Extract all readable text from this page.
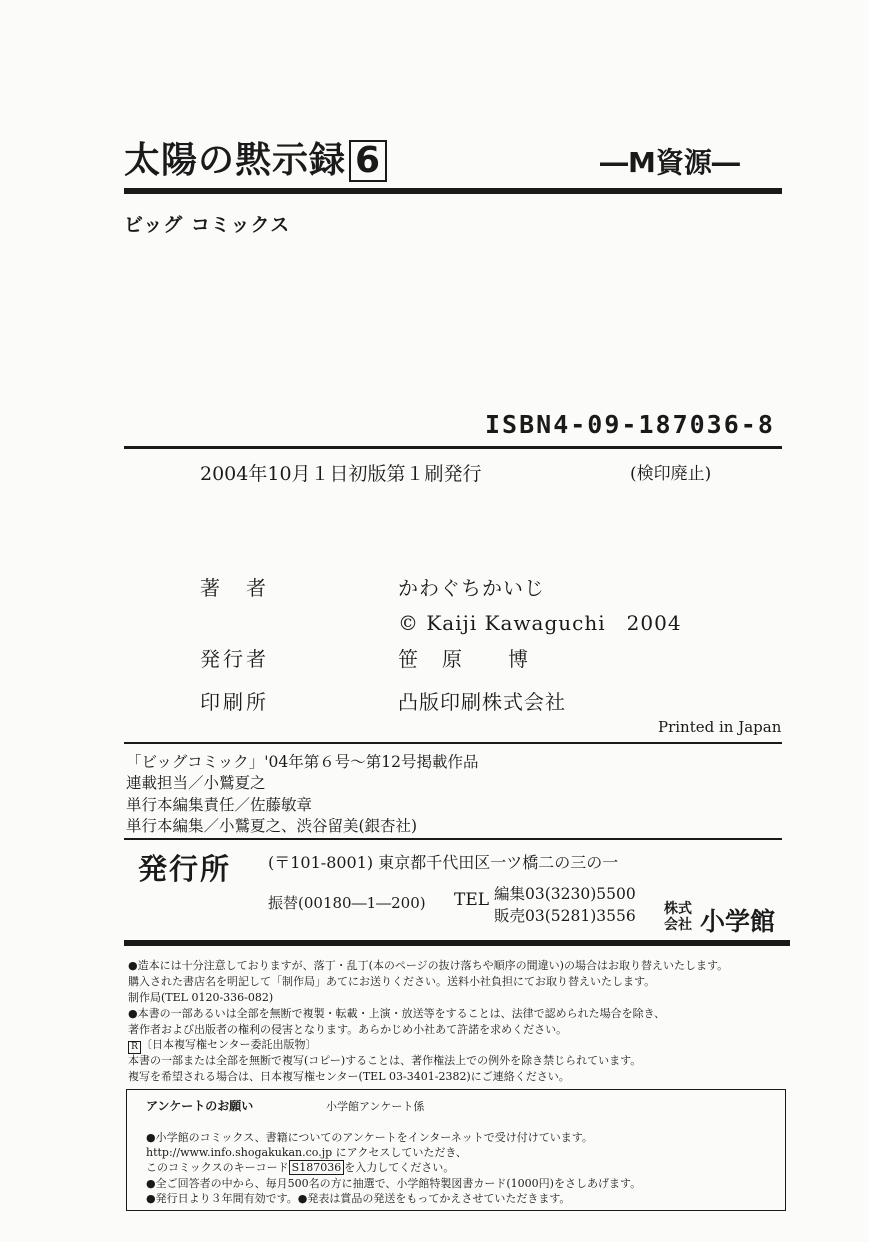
太陽の黙示録 6	―M資源―
ビッグ コミックス
ISBN4-09-187036-8
2004年10月１日初版第１刷発行	(検印廃止)
著　者	かわぐちかいじ
© Kaiji Kawaguchi　2004
発行者	笹　原　　博
印刷所	凸版印刷株式会社
Printed in Japan
「ビッグコミック」'04年第６号～第12号掲載作品
連載担当／小鷲夏之
単行本編集責任／佐藤敏章
単行本編集／小鷲夏之、渋谷留美(銀杏社)
発行所 (〒101-8001) 東京都千代田区一ツ橋二の三の一
振替(00180―1―200) TEL 編集03(3230)5500
販売03(5281)3556 株式会社 小学館
●造本には十分注意しておりますが、落丁・乱丁(本のページの抜け落ちや順序の間違い)の場合はお取り替えいたします。
購入された書店名を明記して「制作局」あてにお送りください。送料小社負担にてお取り替えいたします。
制作局(TEL 0120-336-082)
●本書の一部あるいは全部を無断で複製・転載・上演・放送等をすることは、法律で認められた場合を除き、
著作者および出版者の権利の侵害となります。あらかじめ小社あて許諾を求めください。
R 〔日本複写権センター委託出版物〕
本書の一部または全部を無断で複写(コピー)することは、著作権法上での例外を除き禁じられています。
複写を希望される場合は、日本複写権センター(TEL 03-3401-2382)にご連絡ください。
アンケートのお願い	小学館アンケート係
●小学館のコミックス、書籍についてのアンケートをインターネットで受け付けています。
http://www.info.shogakukan.co.jp にアクセスしていただき、
このコミックスのキーコード S187036 を入力してください。
●全ご回答者の中から、毎月500名の方に抽選で、小学館特製図書カード(1000円)をさしあげます。
●発行日より３年間有効です。●発表は賞品の発送をもってかえさせていただきます。
